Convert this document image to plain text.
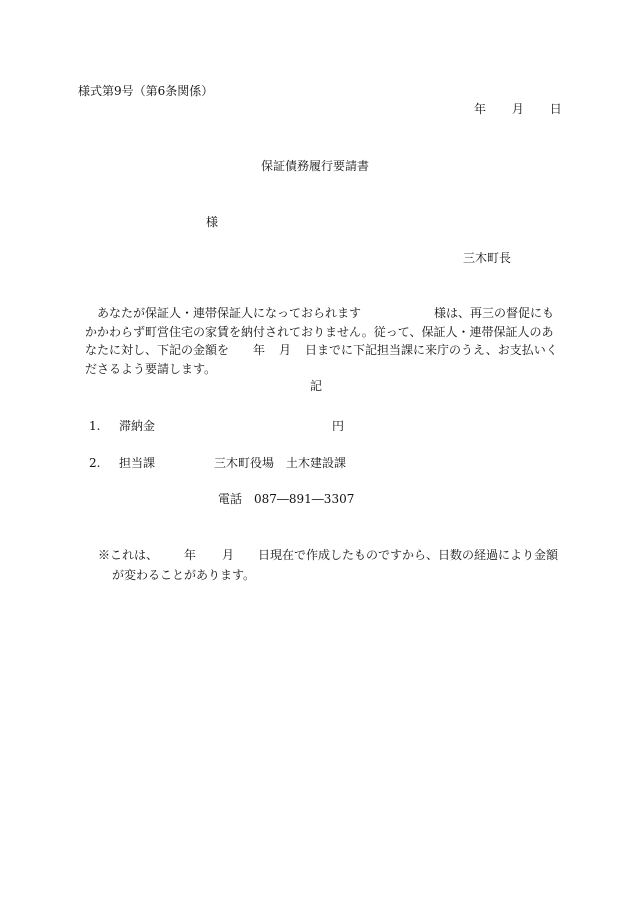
様式第9号（第6条関係）
年 月 日
保証債務履行要請書
様
三木町長
あなたが保証人・連帯保証人になっておられます	様は、再三の督促にも
かかわらず町営住宅の家賃を納付されておりません。従って、保証人・連帯保証人のあ
なたに対し、下記の金額を 年 月 日までに下記担当課に来庁のうえ、お支払いく
ださるよう要請します。
記
1. 滞納金	円
2. 担当課	三木町役場　土木建設課
電話 087―891―3307
※これは、 年 月 日現在で作成したものですから、日数の経過により金額
が変わることがあります。
